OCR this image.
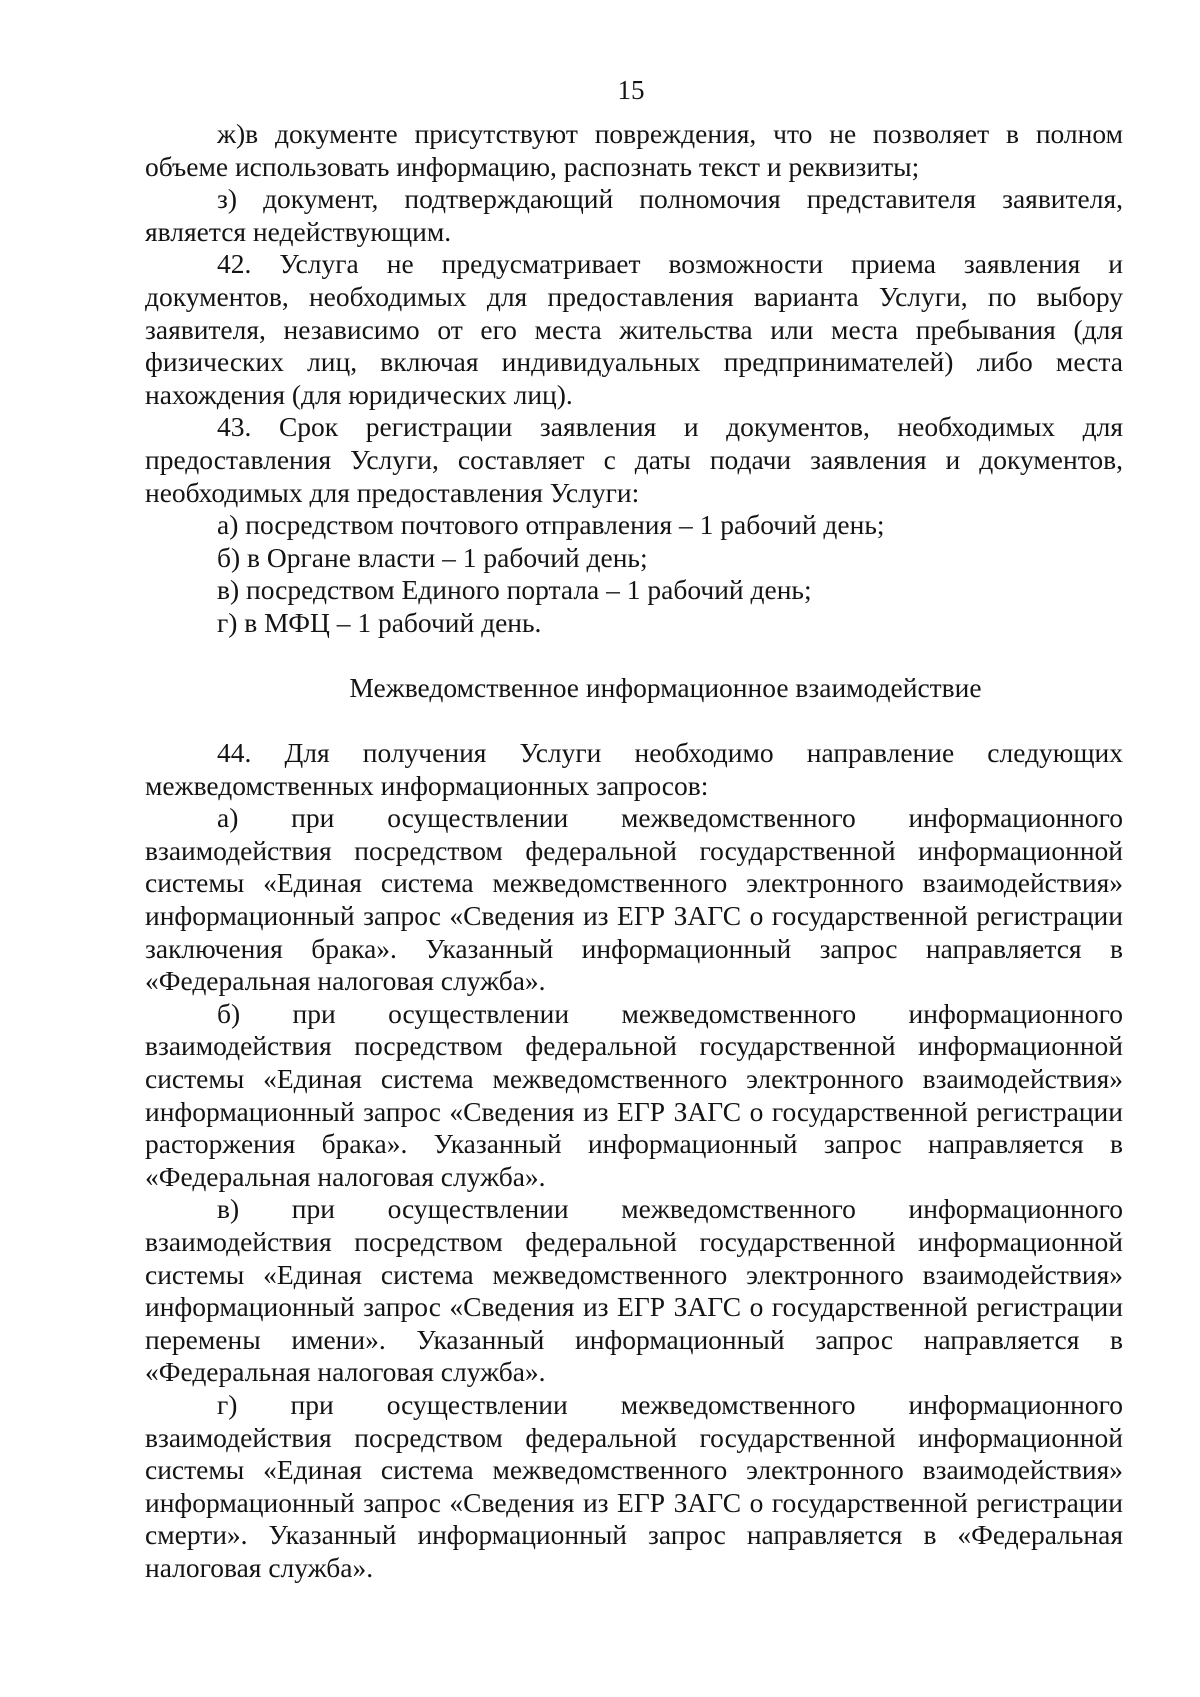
15

ж)в документе присутствуют повреждения, что не позволяет в полном объеме использовать информацию, распознать текст и реквизиты;

з) документ, подтверждающий полномочия представителя заявителя, является недействующим.

42. Услуга не предусматривает возможности приема заявления и документов, необходимых для предоставления варианта Услуги, по выбору заявителя, независимо от его места жительства или места пребывания (для физических лиц, включая индивидуальных предпринимателей) либо места нахождения (для юридических лиц).

43. Срок регистрации заявления и документов, необходимых для предоставления Услуги, составляет с даты подачи заявления и документов, необходимых для предоставления Услуги:

а) посредством почтового отправления – 1 рабочий день;

б) в Органе власти – 1 рабочий день;

в) посредством Единого портала – 1 рабочий день;

г) в МФЦ – 1 рабочий день.

Межведомственное информационное взаимодействие

44. Для получения Услуги необходимо направление следующих межведомственных информационных запросов:

а) при осуществлении межведомственного информационного взаимодействия посредством федеральной государственной информационной системы «Единая система межведомственного электронного взаимодействия» информационный запрос «Сведения из ЕГР ЗАГС о государственной регистрации заключения брака». Указанный информационный запрос направляется в «Федеральная налоговая служба».

б) при осуществлении межведомственного информационного взаимодействия посредством федеральной государственной информационной системы «Единая система межведомственного электронного взаимодействия» информационный запрос «Сведения из ЕГР ЗАГС о государственной регистрации расторжения брака». Указанный информационный запрос направляется в «Федеральная налоговая служба».

в) при осуществлении межведомственного информационного взаимодействия посредством федеральной государственной информационной системы «Единая система межведомственного электронного взаимодействия» информационный запрос «Сведения из ЕГР ЗАГС о государственной регистрации перемены имени». Указанный информационный запрос направляется в «Федеральная налоговая служба».

г) при осуществлении межведомственного информационного взаимодействия посредством федеральной государственной информационной системы «Единая система межведомственного электронного взаимодействия» информационный запрос «Сведения из ЕГР ЗАГС о государственной регистрации смерти». Указанный информационный запрос направляется в «Федеральная налоговая служба».
